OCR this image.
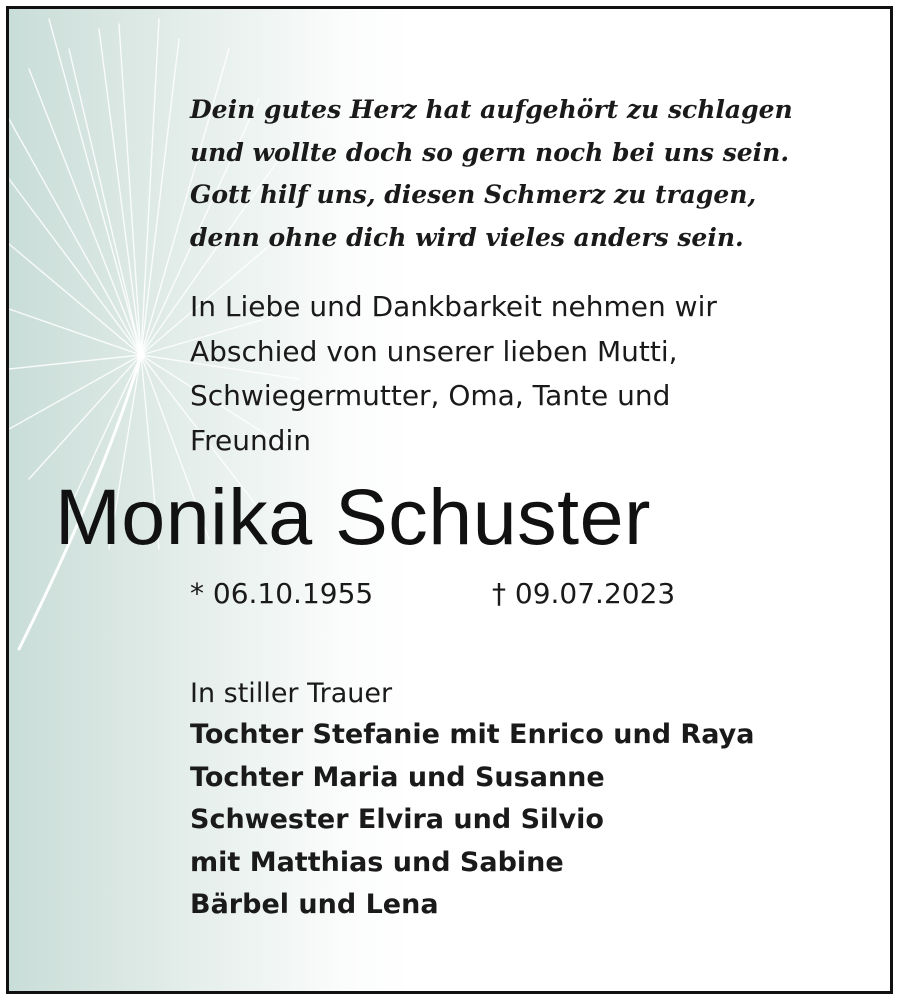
Dein gutes Herz hat aufgehört zu schlagen
und wollte doch so gern noch bei uns sein.
Gott hilf uns, diesen Schmerz zu tragen,
denn ohne dich wird vieles anders sein.
In Liebe und Dankbarkeit nehmen wir
Abschied von unserer lieben Mutti,
Schwiegermutter, Oma, Tante und
Freundin
Monika Schuster
* 06.10.1955	† 09.07.2023
In stiller Trauer
Tochter Stefanie mit Enrico und Raya
Tochter Maria und Susanne
Schwester Elvira und Silvio
mit Matthias und Sabine
Bärbel und Lena
